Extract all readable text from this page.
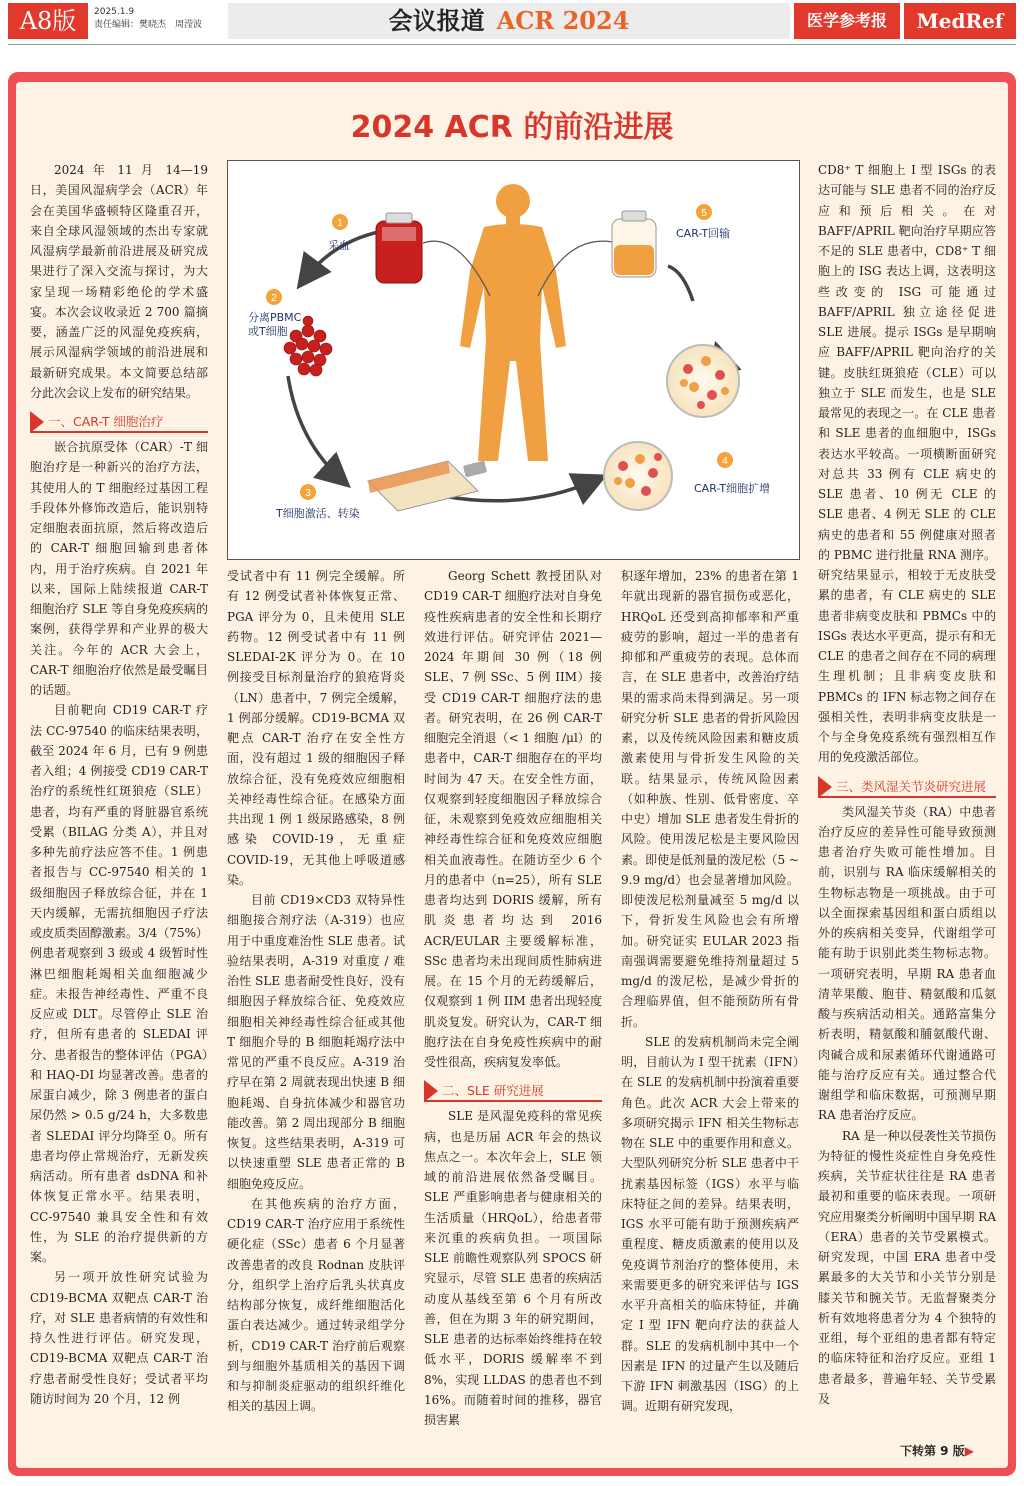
A8版	2025.1.9
责任编辑：樊晓杰　周滢波	会议报道 ACR 2024	医学参考报	MedRef
2024 ACR 的前沿进展

2024 年 11 月 14—19 日，美国风湿病学会（ACR）年会在美国华盛顿特区隆重召开，来自全球风湿领域的杰出专家就风湿病学最新前沿进展及研究成果进行了深入交流与探讨，为大家呈现一场精彩绝伦的学术盛宴。本次会议收录近 2 700 篇摘要，涵盖广泛的风湿免疫疾病，展示风湿病学领域的前沿进展和最新研究成果。本文简要总结部分此次会议上发布的研究结果。

一、CAR-T 细胞治疗

嵌合抗原受体（CAR）-T 细胞治疗是一种新兴的治疗方法，其使用人的 T 细胞经过基因工程手段体外修饰改造后，能识别特定细胞表面抗原，然后将改造后的 CAR-T 细胞回输到患者体内，用于治疗疾病。自 2021 年以来，国际上陆续报道 CAR-T 细胞治疗 SLE 等自身免疫疾病的案例，获得学界和产业界的极大关注。今年的 ACR 大会上，CAR-T 细胞治疗依然是最受瞩目的话题。

目前靶向 CD19 CAR-T 疗法 CC-97540 的临床结果表明，截至 2024 年 6 月，已有 9 例患者入组；4 例接受 CD19 CAR-T 治疗的系统性红斑狼疮（SLE）患者，均有严重的肾脏器官系统受累（BILAG 分类 A），并且对多种先前疗法应答不佳。1 例患者报告与 CC-97540 相关的 1 级细胞因子释放综合征，并在 1 天内缓解，无需抗细胞因子疗法或皮质类固醇激素。3/4（75%）例患者观察到 3 级或 4 级暂时性淋巴细胞耗竭相关血细胞减少症。未报告神经毒性、严重不良反应或 DLT。尽管停止 SLE 治疗，但所有患者的 SLEDAI 评分、患者报告的整体评估（PGA）和 HAQ-DI 均显著改善。患者的尿蛋白减少，除 3 例患者的蛋白尿仍然 > 0.5 g/24 h，大多数患者 SLEDAI 评分均降至 0。所有患者均停止常规治疗，无新发疾病活动。所有患者 dsDNA 和补体恢复正常水平。结果表明，CC-97540 兼具安全性和有效性，为 SLE 的治疗提供新的方案。

另一项开放性研究试验为 CD19-BCMA 双靶点 CAR-T 治疗，对 SLE 患者病情的有效性和持久性进行评估。研究发现，CD19-BCMA 双靶点 CAR-T 治疗患者耐受性良好；受试者平均随访时间为 20 个月，12 例

1
采血
2
分离PBMC
或T细胞
3
T细胞激活、转染
4
CAR-T细胞扩增
5
CAR-T回输

受试者中有 11 例完全缓解。所有 12 例受试者补体恢复正常、PGA 评分为 0，且未使用 SLE 药物。12 例受试者中有 11 例 SLEDAI-2K 评分为 0。在 10 例接受目标剂量治疗的狼疮肾炎（LN）患者中，7 例完全缓解，1 例部分缓解。CD19-BCMA 双靶点 CAR-T 治疗在安全性方面，没有超过 1 级的细胞因子释放综合征，没有免疫效应细胞相关神经毒性综合征。在感染方面共出现 1 例 1 级尿路感染，8 例感染 COVID-19，无重症 COVID-19，无其他上呼吸道感染。

目前 CD19×CD3 双特异性细胞接合剂疗法（A-319）也应用于中重度难治性 SLE 患者。试验结果表明，A-319 对重度 / 难治性 SLE 患者耐受性良好，没有细胞因子释放综合征、免疫效应细胞相关神经毒性综合征或其他 T 细胞介导的 B 细胞耗竭疗法中常见的严重不良反应。A-319 治疗早在第 2 周就表现出快速 B 细胞耗竭、自身抗体减少和器官功能改善。第 2 周出现部分 B 细胞恢复。这些结果表明，A-319 可以快速重塑 SLE 患者正常的 B 细胞免疫反应。

在其他疾病的治疗方面，CD19 CAR-T 治疗应用于系统性硬化症（SSc）患者 6 个月显著改善患者的改良 Rodnan 皮肤评分，组织学上治疗后乳头状真皮结构部分恢复，成纤维细胞活化蛋白表达减少。通过转录组学分析，CD19 CAR-T 治疗前后观察到与细胞外基质相关的基因下调和与抑制炎症驱动的组织纤维化相关的基因上调。

Georg Schett 教授团队对 CD19 CAR-T 细胞疗法对自身免疫性疾病患者的安全性和长期疗效进行评估。研究评估 2021—2024 年期间 30 例（18 例 SLE、7 例 SSc、5 例 IIM）接受 CD19 CAR-T 细胞疗法的患者。研究表明，在 26 例 CAR-T 细胞完全消退（< 1 细胞 /μl）的患者中，CAR-T 细胞存在的平均时间为 47 天。在安全性方面，仅观察到轻度细胞因子释放综合征，未观察到免疫效应细胞相关神经毒性综合征和免疫效应细胞相关血液毒性。在随访至少 6 个月的患者中（n=25），所有 SLE 患者均达到 DORIS 缓解，所有肌炎患者均达到 2016 ACR/EULAR 主要缓解标准，SSc 患者均未出现间质性肺病进展。在 15 个月的无药缓解后，仅观察到 1 例 IIM 患者出现轻度肌炎复发。研究认为，CAR-T 细胞疗法在自身免疫性疾病中的耐受性很高，疾病复发率低。

二、SLE 研究进展

SLE 是风湿免疫科的常见疾病，也是历届 ACR 年会的热议焦点之一。本次年会上，SLE 领域的前沿进展依然备受瞩目。SLE 严重影响患者与健康相关的生活质量（HRQoL），给患者带来沉重的疾病负担。一项国际 SLE 前瞻性观察队列 SPOCS 研究显示，尽管 SLE 患者的疾病活动度从基线至第 6 个月有所改善，但在为期 3 年的研究期间，SLE 患者的达标率始终维持在较低水平，DORIS 缓解率不到 8%，实现 LLDAS 的患者也不到 16%。而随着时间的推移，器官损害累

积逐年增加，23% 的患者在第 1 年就出现新的器官损伤或恶化，HRQoL 还受到高抑郁率和严重疲劳的影响，超过一半的患者有抑郁和严重疲劳的表现。总体而言，在 SLE 患者中，改善治疗结果的需求尚未得到满足。另一项研究分析 SLE 患者的骨折风险因素，以及传统风险因素和糖皮质激素使用与骨折发生风险的关联。结果显示，传统风险因素（如种族、性别、低骨密度、卒中史）增加 SLE 患者发生骨折的风险。使用泼尼松是主要风险因素。即使是低剂量的泼尼松（5 ~ 9.9 mg/d）也会显著增加风险。即使泼尼松剂量减至 5 mg/d 以下，骨折发生风险也会有所增加。研究证实 EULAR 2023 指南强调需要避免维持剂量超过 5 mg/d 的泼尼松，是减少骨折的合理临界值，但不能预防所有骨折。

SLE 的发病机制尚未完全阐明，目前认为 I 型干扰素（IFN）在 SLE 的发病机制中扮演着重要角色。此次 ACR 大会上带来的多项研究揭示 IFN 相关生物标志物在 SLE 中的重要作用和意义。大型队列研究分析 SLE 患者中干扰素基因标签（IGS）水平与临床特征之间的差异。结果表明，IGS 水平可能有助于预测疾病严重程度、糖皮质激素的使用以及免疫调节剂治疗的整体使用，未来需要更多的研究来评估与 IGS 水平升高相关的临床特征，并确定 I 型 IFN 靶向疗法的获益人群。SLE 的发病机制中其中一个因素是 IFN 的过量产生以及随后下游 IFN 刺激基因（ISG）的上调。近期有研究发现，

CD8⁺ T 细胞上 I 型 ISGs 的表达可能与 SLE 患者不同的治疗反应和预后相关。在对 BAFF/APRIL 靶向治疗早期应答不足的 SLE 患者中，CD8⁺ T 细胞上的 ISG 表达上调，这表明这些改变的 ISG 可能通过 BAFF/APRIL 独立途径促进 SLE 进展。提示 ISGs 是早期响应 BAFF/APRIL 靶向治疗的关键。皮肤红斑狼疮（CLE）可以独立于 SLE 而发生，也是 SLE 最常见的表现之一。在 CLE 患者和 SLE 患者的血细胞中，ISGs 表达水平较高。一项横断面研究对总共 33 例有 CLE 病史的 SLE 患者、10 例无 CLE 的 SLE 患者、4 例无 SLE 的 CLE 病史的患者和 55 例健康对照者的 PBMC 进行批量 RNA 测序。研究结果显示，相较于无皮肤受累的患者，有 CLE 病史的 SLE 患者非病变皮肤和 PBMCs 中的 ISGs 表达水平更高，提示有和无 CLE 的患者之间存在不同的病理生理机制；且非病变皮肤和 PBMCs 的 IFN 标志物之间存在强相关性，表明非病变皮肤是一个与全身免疫系统有强烈相互作用的免疫激活部位。

三、类风湿关节炎研究进展

类风湿关节炎（RA）中患者治疗反应的差异性可能导致预测患者治疗失败可能性增加。目前，识别与 RA 临床缓解相关的生物标志物是一项挑战。由于可以全面探索基因组和蛋白质组以外的疾病相关变异，代谢组学可能有助于识别此类生物标志物。一项研究表明，早期 RA 患者血清苹果酸、胞苷、精氨酸和瓜氨酸与疾病活动相关。通路富集分析表明，精氨酸和脯氨酸代谢、肉碱合成和尿素循环代谢通路可能与治疗反应有关。通过整合代谢组学和临床数据，可预测早期 RA 患者治疗反应。

RA 是一种以侵袭性关节损伤为特征的慢性炎症性自身免疫性疾病，关节症状往往是 RA 患者最初和重要的临床表现。一项研究应用聚类分析阐明中国早期 RA（ERA）患者的关节受累模式。研究发现，中国 ERA 患者中受累最多的大关节和小关节分别是膝关节和腕关节。无监督聚类分析有效地将患者分为 4 个独特的亚组，每个亚组的患者都有特定的临床特征和治疗反应。亚组 1 患者最多，普遍年轻、关节受累及

下转第 9 版▶
